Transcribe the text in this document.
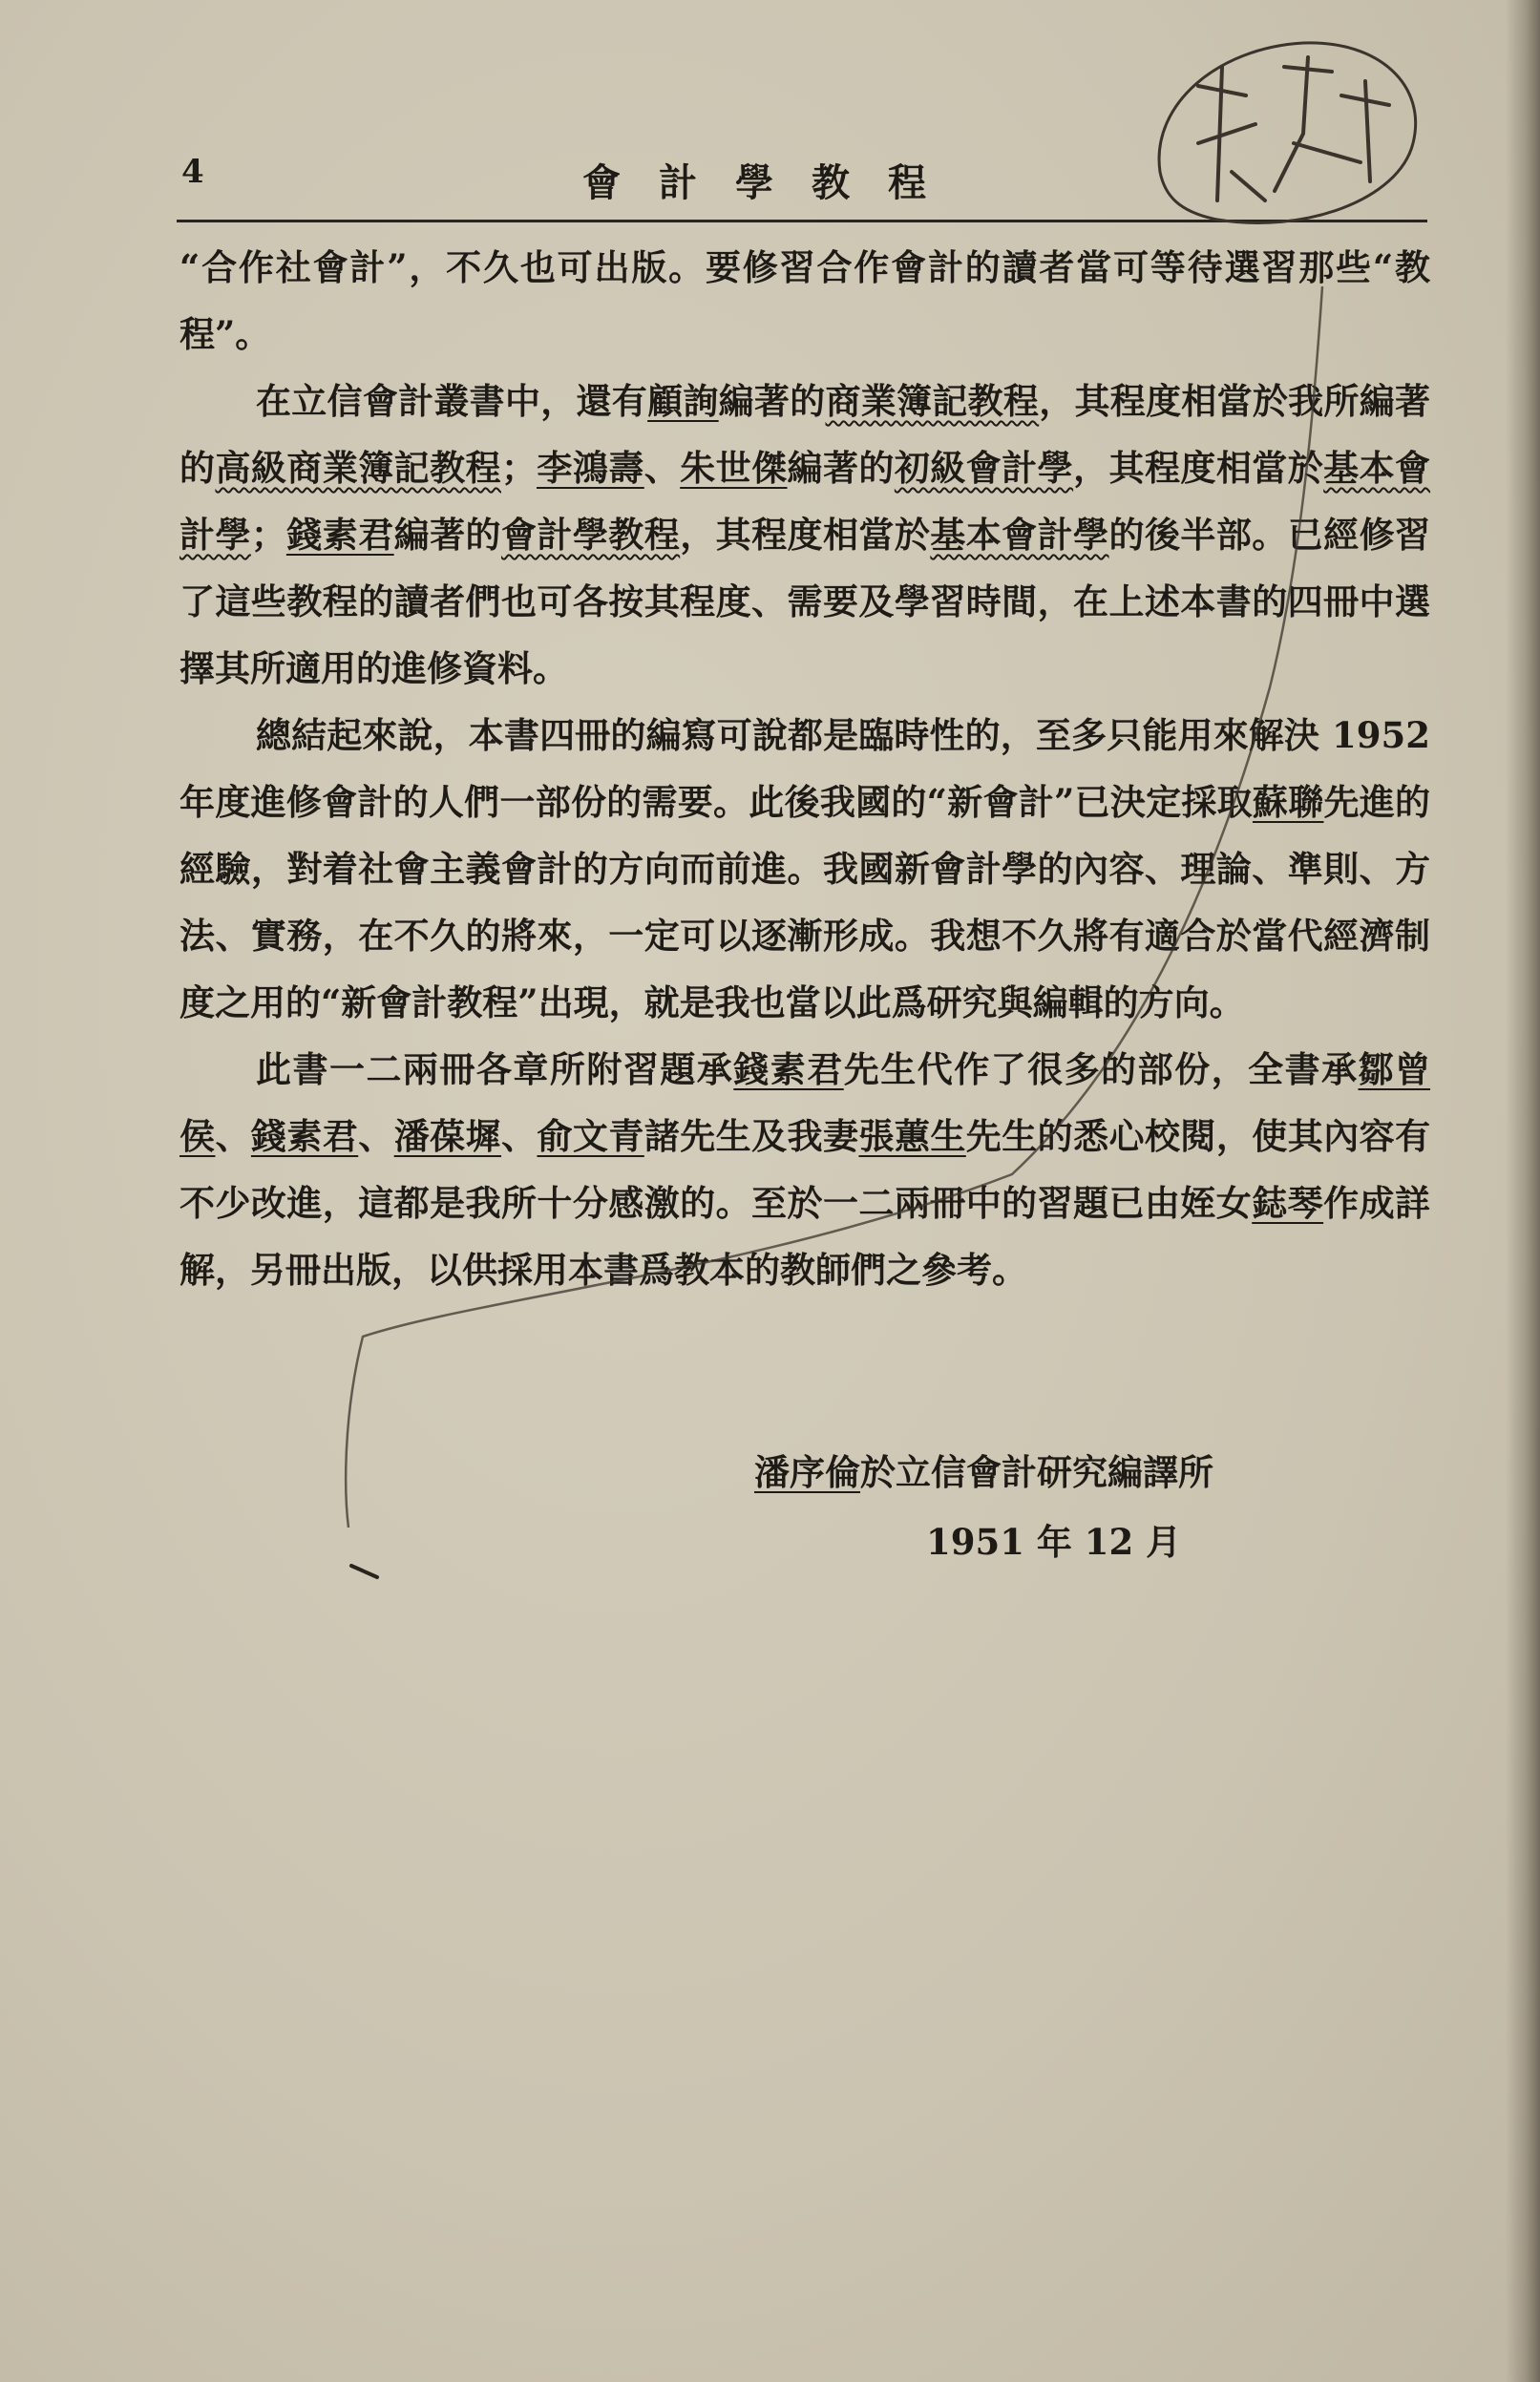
4	會計學教程

“合作社會計”，不久也可出版。要修習合作會計的讀者當可等待選習那些“教程”。

在立信會計叢書中，還有顧詢編著的商業簿記教程，其程度相當於我所編著的高級商業簿記教程；李鴻壽、朱世傑編著的初級會計學，其程度相當於基本會計學；錢素君編著的會計學教程，其程度相當於基本會計學的後半部。已經修習了這些教程的讀者們也可各按其程度、需要及學習時間，在上述本書的四冊中選擇其所適用的進修資料。

總結起來說，本書四冊的編寫可說都是臨時性的，至多只能用來解決 1952 年度進修會計的人們一部份的需要。此後我國的“新會計”已決定採取蘇聯先進的經驗，對着社會主義會計的方向而前進。我國新會計學的內容、理論、準則、方法、實務，在不久的將來，一定可以逐漸形成。我想不久將有適合於當代經濟制度之用的“新會計教程”出現，就是我也當以此爲研究與編輯的方向。

此書一二兩冊各章所附習題承錢素君先生代作了很多的部份，全書承鄒曾侯、錢素君、潘葆墀、俞文青諸先生及我妻張蕙生先生的悉心校閱，使其內容有不少改進，這都是我所十分感激的。至於一二兩冊中的習題已由姪女鋕琴作成詳解，另冊出版，以供採用本書爲教本的教師們之參考。

潘序倫於立信會計研究編譯所
1951 年 12 月
